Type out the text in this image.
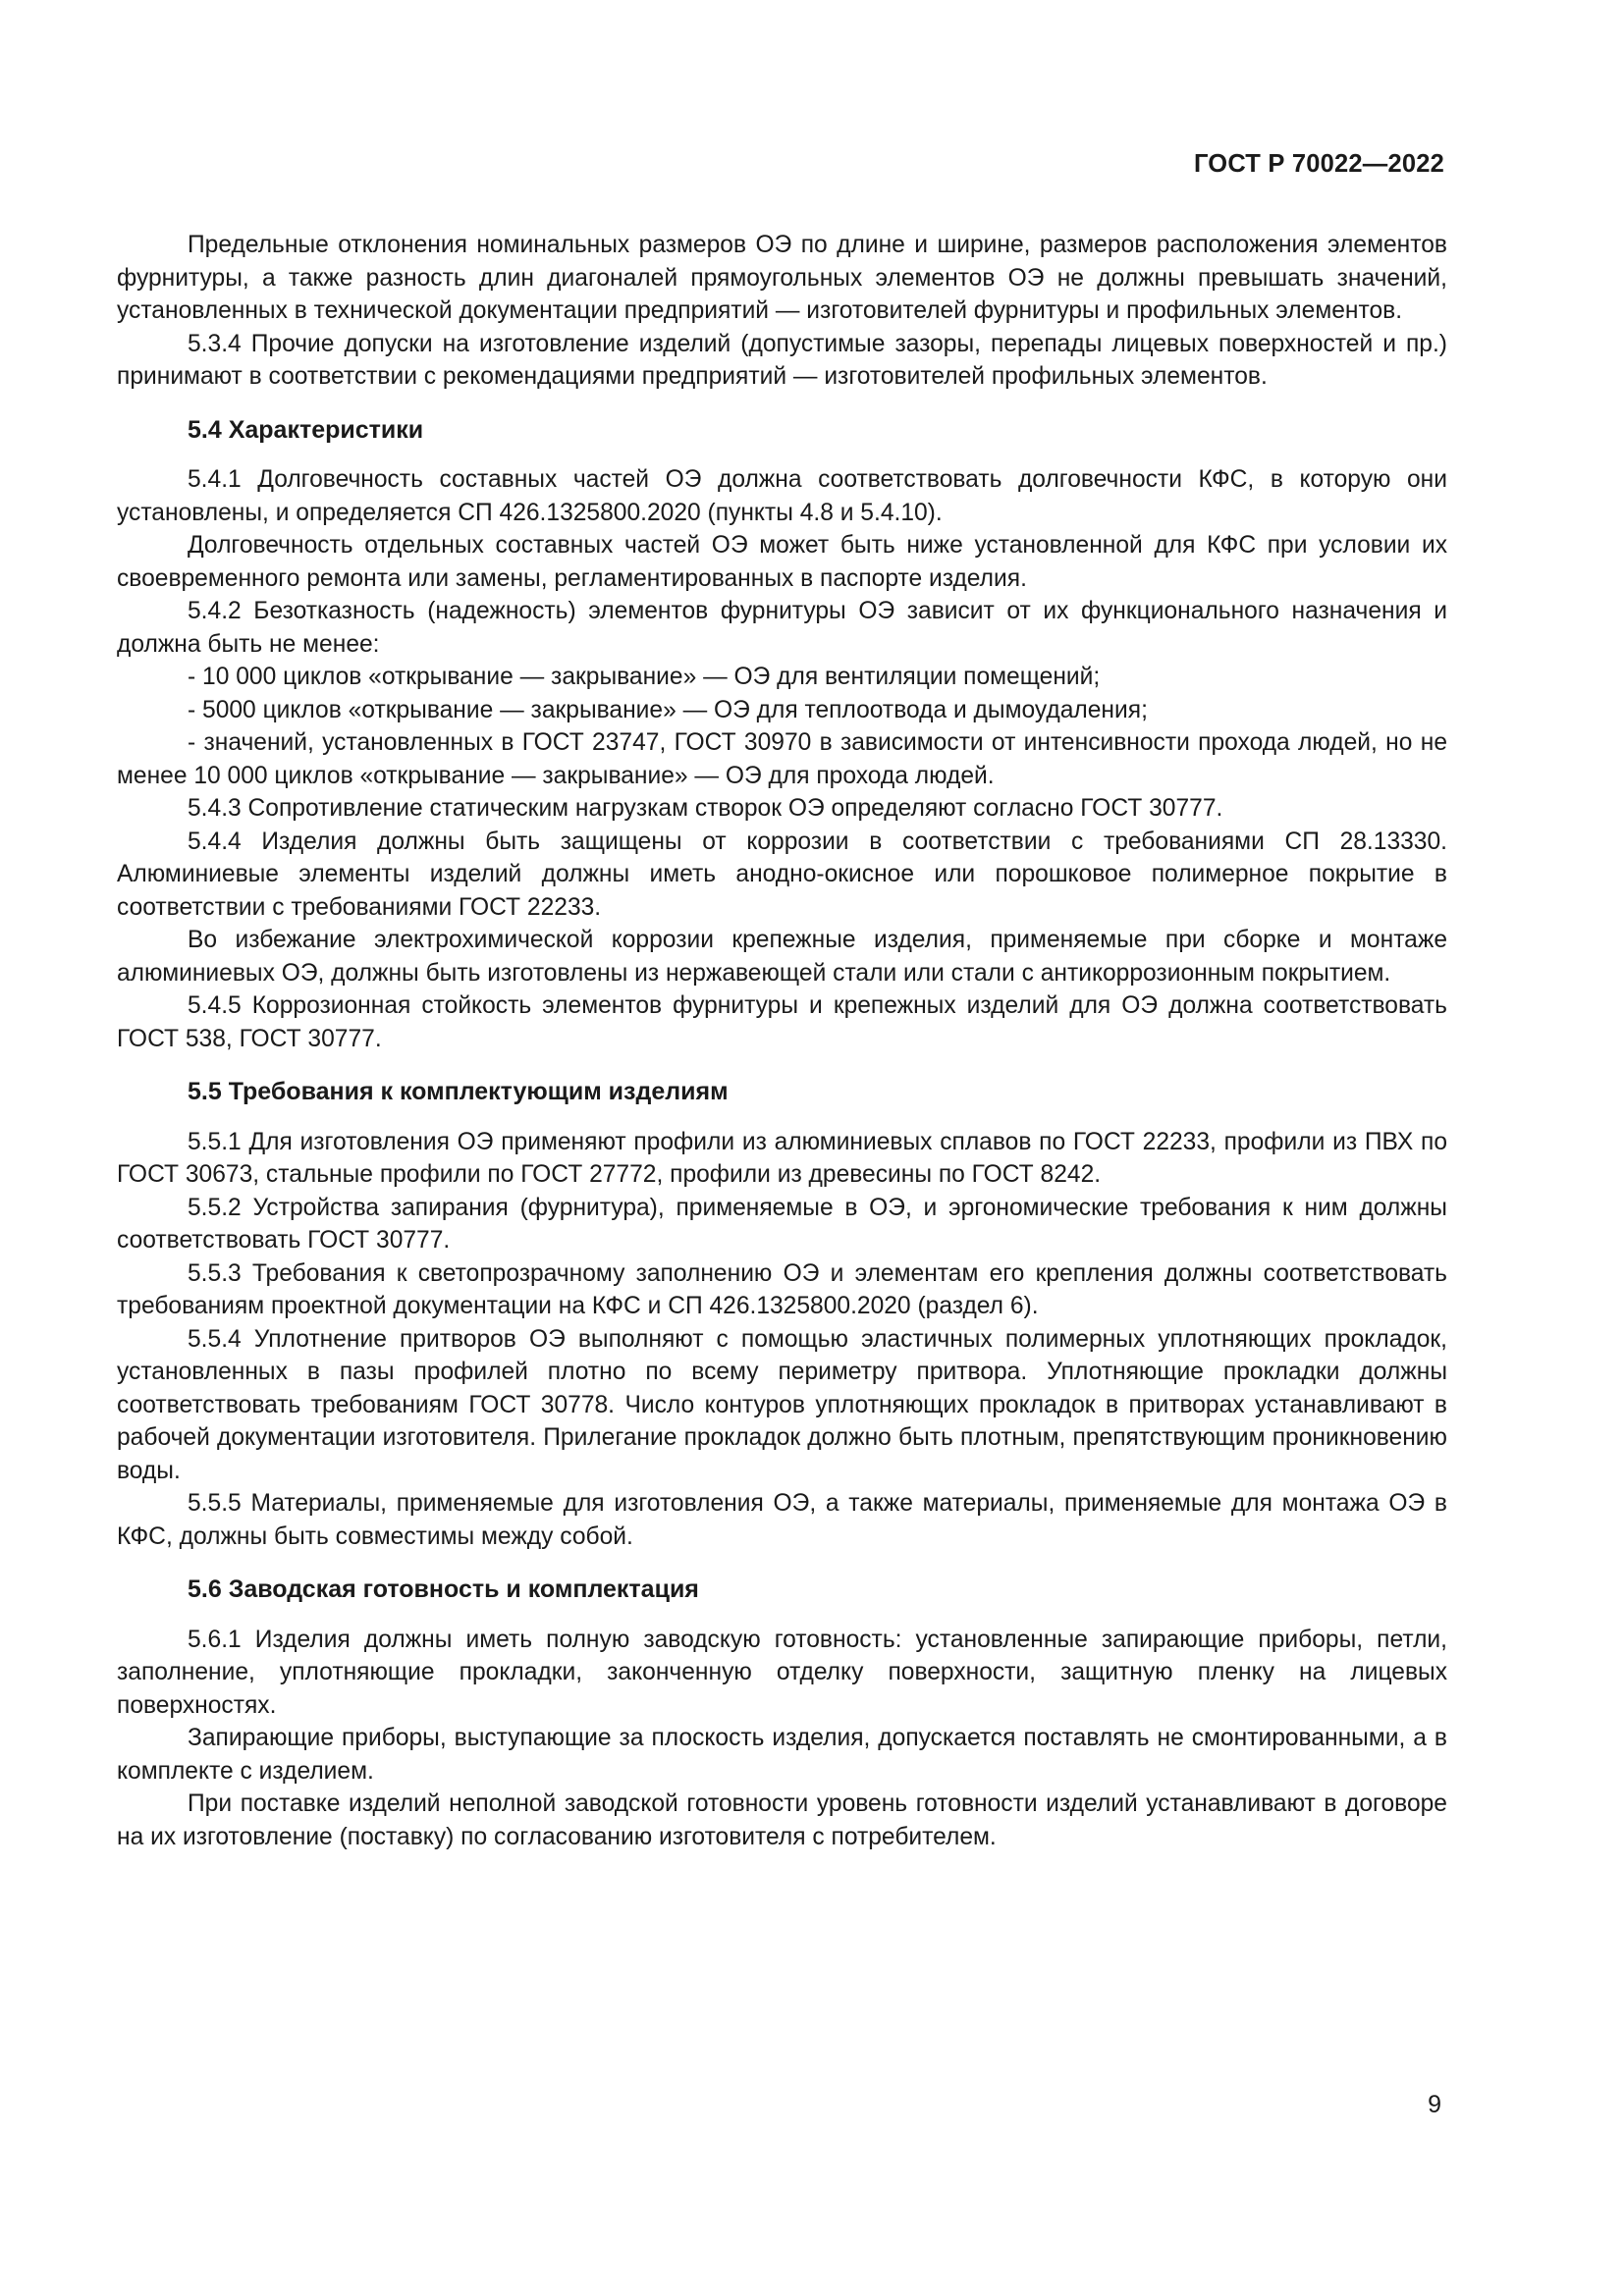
ГОСТ Р 70022—2022

Предельные отклонения номинальных размеров ОЭ по длине и ширине, размеров расположения элементов фурнитуры, а также разность длин диагоналей прямоугольных элементов ОЭ не должны превышать значений, установленных в технической документации предприятий — изготовителей фурнитуры и профильных элементов.

5.3.4 Прочие допуски на изготовление изделий (допустимые зазоры, перепады лицевых поверхностей и пр.) принимают в соответствии с рекомендациями предприятий — изготовителей профильных элементов.

5.4 Характеристики

5.4.1 Долговечность составных частей ОЭ должна соответствовать долговечности КФС, в которую они установлены, и определяется СП 426.1325800.2020 (пункты 4.8 и 5.4.10).

Долговечность отдельных составных частей ОЭ может быть ниже установленной для КФС при условии их своевременного ремонта или замены, регламентированных в паспорте изделия.

5.4.2 Безотказность (надежность) элементов фурнитуры ОЭ зависит от их функционального назначения и должна быть не менее:

- 10 000 циклов «открывание — закрывание» — ОЭ для вентиляции помещений;

- 5000 циклов «открывание — закрывание» — ОЭ для теплоотвода и дымоудаления;

- значений, установленных в ГОСТ 23747, ГОСТ 30970 в зависимости от интенсивности прохода людей, но не менее 10 000 циклов «открывание — закрывание» — ОЭ для прохода людей.

5.4.3 Сопротивление статическим нагрузкам створок ОЭ определяют согласно ГОСТ 30777.

5.4.4 Изделия должны быть защищены от коррозии в соответствии с требованиями СП 28.13330. Алюминиевые элементы изделий должны иметь анодно-окисное или порошковое полимерное покрытие в соответствии с требованиями ГОСТ 22233.

Во избежание электрохимической коррозии крепежные изделия, применяемые при сборке и монтаже алюминиевых ОЭ, должны быть изготовлены из нержавеющей стали или стали с антикоррозионным покрытием.

5.4.5 Коррозионная стойкость элементов фурнитуры и крепежных изделий для ОЭ должна соответствовать ГОСТ 538, ГОСТ 30777.

5.5 Требования к комплектующим изделиям

5.5.1 Для изготовления ОЭ применяют профили из алюминиевых сплавов по ГОСТ 22233, профили из ПВХ по ГОСТ 30673, стальные профили по ГОСТ 27772, профили из древесины по ГОСТ 8242.

5.5.2 Устройства запирания (фурнитура), применяемые в ОЭ, и эргономические требования к ним должны соответствовать ГОСТ 30777.

5.5.3 Требования к светопрозрачному заполнению ОЭ и элементам его крепления должны соответствовать требованиям проектной документации на КФС и СП 426.1325800.2020 (раздел 6).

5.5.4 Уплотнение притворов ОЭ выполняют с помощью эластичных полимерных уплотняющих прокладок, установленных в пазы профилей плотно по всему периметру притвора. Уплотняющие прокладки должны соответствовать требованиям ГОСТ 30778. Число контуров уплотняющих прокладок в притворах устанавливают в рабочей документации изготовителя. Прилегание прокладок должно быть плотным, препятствующим проникновению воды.

5.5.5 Материалы, применяемые для изготовления ОЭ, а также материалы, применяемые для монтажа ОЭ в КФС, должны быть совместимы между собой.

5.6 Заводская готовность и комплектация

5.6.1 Изделия должны иметь полную заводскую готовность: установленные запирающие приборы, петли, заполнение, уплотняющие прокладки, законченную отделку поверхности, защитную пленку на лицевых поверхностях.

Запирающие приборы, выступающие за плоскость изделия, допускается поставлять не смонтированными, а в комплекте с изделием.

При поставке изделий неполной заводской готовности уровень готовности изделий устанавливают в договоре на их изготовление (поставку) по согласованию изготовителя с потребителем.

9
